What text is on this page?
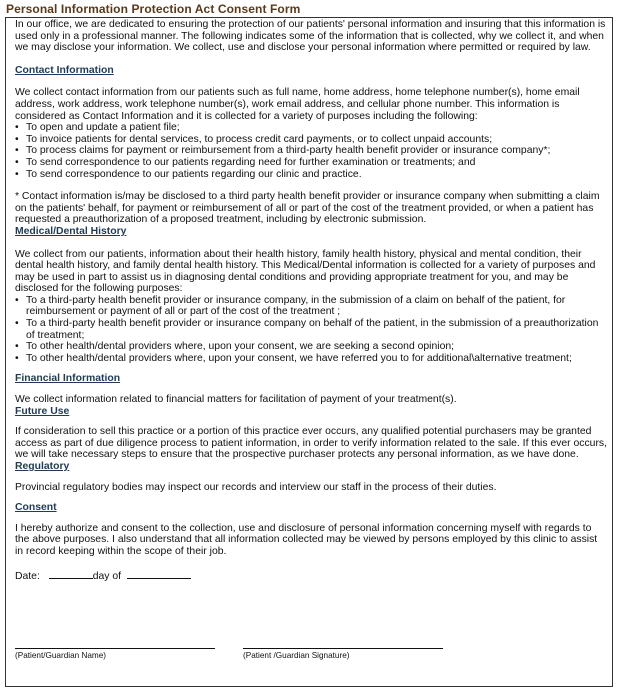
Personal Information Protection Act Consent Form

In our office, we are dedicated to ensuring the protection of our patients' personal information and insuring that this information is used only in a professional manner. The following indicates some of the information that is collected, why we collect it, and when we may disclose your information. We collect, use and disclose your personal information where permitted or required by law.

Contact Information

We collect contact information from our patients such as full name, home address, home telephone number(s), home email address, work address, work telephone number(s), work email address, and cellular phone number. This information is considered as Contact Information and it is collected for a variety of purposes including the following:

• To open and update a patient file;
• To invoice patients for dental services, to process credit card payments, or to collect unpaid accounts;
• To process claims for payment or reimbursement from a third-party health benefit provider or insurance company*;
• To send correspondence to our patients regarding need for further examination or treatments; and
• To send correspondence to our patients regarding our clinic and practice.

* Contact information is/may be disclosed to a third party health benefit provider or insurance company when submitting a claim on the patients' behalf, for payment or reimbursement of all or part of the cost of the treatment provided, or when a patient has requested a preauthorization of a proposed treatment, including by electronic submission.

Medical/Dental History

We collect from our patients, information about their health history, family health history, physical and mental condition, their dental health history, and family dental health history. This Medical/Dental information is collected for a variety of purposes and may be used in part to assist us in diagnosing dental conditions and providing appropriate treatment for you, and may be disclosed for the following purposes:

• To a third-party health benefit provider or insurance company, in the submission of a claim on behalf of the patient, for reimbursement or payment of all or part of the cost of the treatment ;
• To a third-party health benefit provider or insurance company on behalf of the patient, in the submission of a preauthorization of treatment;
• To other health/dental providers where, upon your consent, we are seeking a second opinion;
• To other health/dental providers where, upon your consent, we have referred you to for additional\alternative treatment;
Financial Information

We collect information related to financial matters for facilitation of payment of your treatment(s).

Future Use

If consideration to sell this practice or a portion of this practice ever occurs, any qualified potential purchasers may be granted access as part of due diligence process to patient information, in order to verify information related to the sale. If this ever occurs, we will take necessary steps to ensure that the prospective purchaser protects any personal information, as we have done.

Regulatory

Provincial regulatory bodies may inspect our records and interview our staff in the process of their duties.

Consent

I hereby authorize and consent to the collection, use and disclosure of personal information concerning myself with regards to the above purposes. I also understand that all information collected may be viewed by persons employed by this clinic to assist in record keeping within the scope of their job.

Date:	day of
(Patient/Guardian Name)	(Patient /Guardian Signature)
